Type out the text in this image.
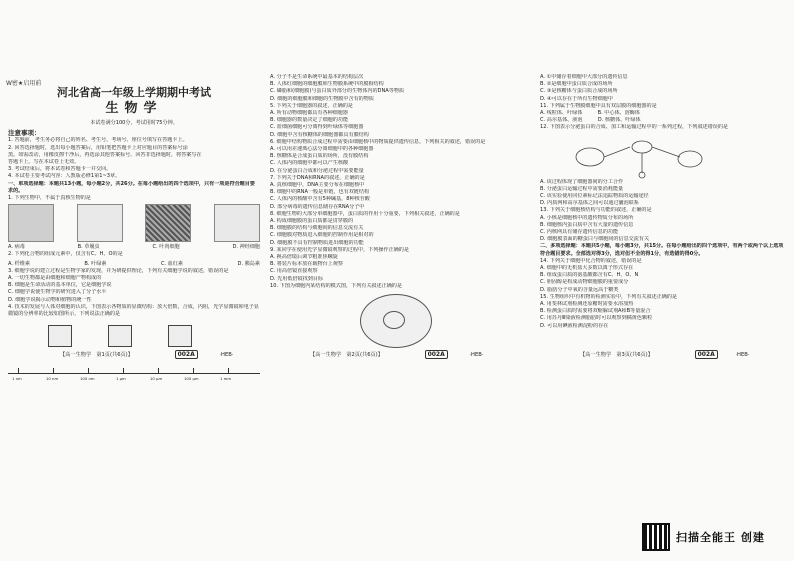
W密★启用前
河北省高一年级上学期期中考试
生物学
本试卷满分100分，考试用时75分钟。
注意事项：

1. 答题前，考生务必将自己的姓名、考生号、考场号、座位号填写在答题卡上。

2. 回答选择题时，选出每小题答案后，用铅笔把答题卡上对应题目的答案标号涂

黑。如需改动，用橡皮擦干净后，再选涂其他答案标号。回答非选择题时，将答案写在

答题卡上。写在本试卷上无效。

3. 考试结束后，将本试卷和答题卡一并交回。

4. 本试卷主要考试内容：人教版必修1第1~3章。

一、单项选择题：本题共13小题，每小题2分，共26分。在每小题给出的四个选项中，只有一项是符合题目要求的。

1. 下列生物中，不属于真核生物的是

A. 病毒	B. 草履虫	C. 叶肉细胞	D. 神经细胞

2. 下列化合物的组成元素中，仅含有C、H、O的是

A. 纤维素	B. 叶绿素	C. 血红素	D. 胰岛素

3. 细胞学说的建立过程是生物学家的发现，并为研提供理论，下列有关细胞学说的叙述，错误的是

A. 一切生物都是由细胞和细胞产物构成的

B. 细胞是生命活动的基本单位，它是细胞学说

C. 细胞学说使生物学的研究进入了分子水平

D. 细胞学说揭示动物和植物的统一性

4. 技术的发展与人体对细胞的认识，下图表示各物质的显微结构：放大倍数，合成，内阻，光学显微镜和电子显微镜的分辨率的比较如图所示，下列说法正确的是

1 nm	10 nm	100 nm	1 μm	10 μm	100 μm	1 mm
【高一生物学　第1页(共6页)】	002A	·HEB·

A. 分子不是生命系统中最基本的结构层次

B. 人体红细胞的细胞膜和生物膜系统中的膜相结构

C. 磷脂和(细胞膜)与蛋白质外部分的生物体内的DNA等物质

D. 细胞的细胞膜和细胞的生物膜中含有的物质

5. 下列关于细胞器的叙述，正确的是

A. 所有动物细胞都具有各种细胞器

B. 细胞器的数量决定了细胞的功能

C. 蓝细菌细胞可分离得到叶绿体等细胞器

D. 细胞中含有核糖体的细胞器都具有膜结构

6. 细胞中结构物质合成过程中需要由细胞核中的物质提供遗传信息，下列相关的叙述，错误的是

A. 可以用差速离心法分离细胞中的各种细胞器

B. 核糖体是合成蛋白质的场所，没有膜结构

C. 人体内的细胞中都可以产生核酸

D. 在分泌蛋白合成和分泌过程中需要能量

7. 下列关于DNA和RNA的叙述，正确的是

A. 真核细胞中，DNA主要分布在细胞核中

B. 细胞中的RNA一般是单链，也有双链结构

C. 人体内的核酸中含有5种碱基，8种核苷酸

D. 部分病毒的遗传信息储存在RNA分子中

8. 细胞生物的大部分单细胞器中，蛋白质的作用十分重要，下列相关叙述，正确的是

A. 构成细胞膜的蛋白质都是贯穿膜的

B. 细胞膜的结构与细胞间的信息交流有关

C. 细胞膜对物质进入细胞的控制作用是相对的

D. 细胞膜不具有控制物质进出细胞的功能

9. 某同学在使用光学显微镜观察的过程中，下列操作正确的是

A. 换高倍镜后调节粗准焦螺旋

B. 将装片标本放在载物台上观察

C. 用高倍镜直接观察

D. 先用低倍镜找到目标

10. 下图为细胞内某结构的模式图，下列有关叙述正确的是

【高一生物学　第2页(共6页)】	002A	·HEB·

A. ①中储存着细胞中大部分的遗传信息

B. ②是细胞中蛋白质合成的场所

C. ③是核糖体与蛋白质合成的场所

D. ④可以存在于所有生物细胞中

11. 下列属于生物膜细胞中具有双层膜的细胞器的是

A. 线粒体、叶绿体　　　B. 中心体、溶酶体

C. 高尔基体、液泡　　　D. 核糖体、叶绿体

12. 下图表示分泌蛋白的合成、加工和运输过程中的一系列过程，下列叙述错误的是

A. 该过程体现了细胞器间的分工合作

B. 分泌蛋白运输过程中需要消耗能量

C. 该实验使用同位素标记法追踪物质的运输途径

D. 内质网和高尔基体之间可以通过囊泡联系

13. 下列关于细胞核结构与功能的叙述，正确的是

A. 小核是细胞核中的遗传物质分布的场所

B. 细胞核内蛋白质中含有大量的遗传信息

C. 内核网具有储存遗传信息的功能

D. 细胞膜表面的糖蛋白与细胞间的信息交流有关

二、多项选择题：本题共5小题，每小题3分，共15分。在每小题给出的四个选项中，有两个或两个以上选项符合题目要求。全部选对得3分，选对但不全的得1分，有选错的得0分。

14. 下列关于细胞中化合物的叙述，错误的是

A. 细胞中的无机盐大多数以离子形式存在

B. 组成蛋白质的氨基酸都含有C、H、O、N

C. 胆固醇是构成动物细胞膜的重要成分

D. 脂肪分子中氧的含量远高于糖类

15. 生物组织中有机物的检测实验中，下列有关叙述正确的是

A. 用斐林试剂检测还原糖时需要水浴加热

B. 检测蛋白质时需要将双缩脲试剂A和B等量混合

C. 用苏丹Ⅲ染液检测脂肪时可以观察到橘黄色颗粒

D. 可以用碘液检测淀粉的存在

【高一生物学　第3页(共6页)】	002A	·HEB·
扫描全能王 创建
